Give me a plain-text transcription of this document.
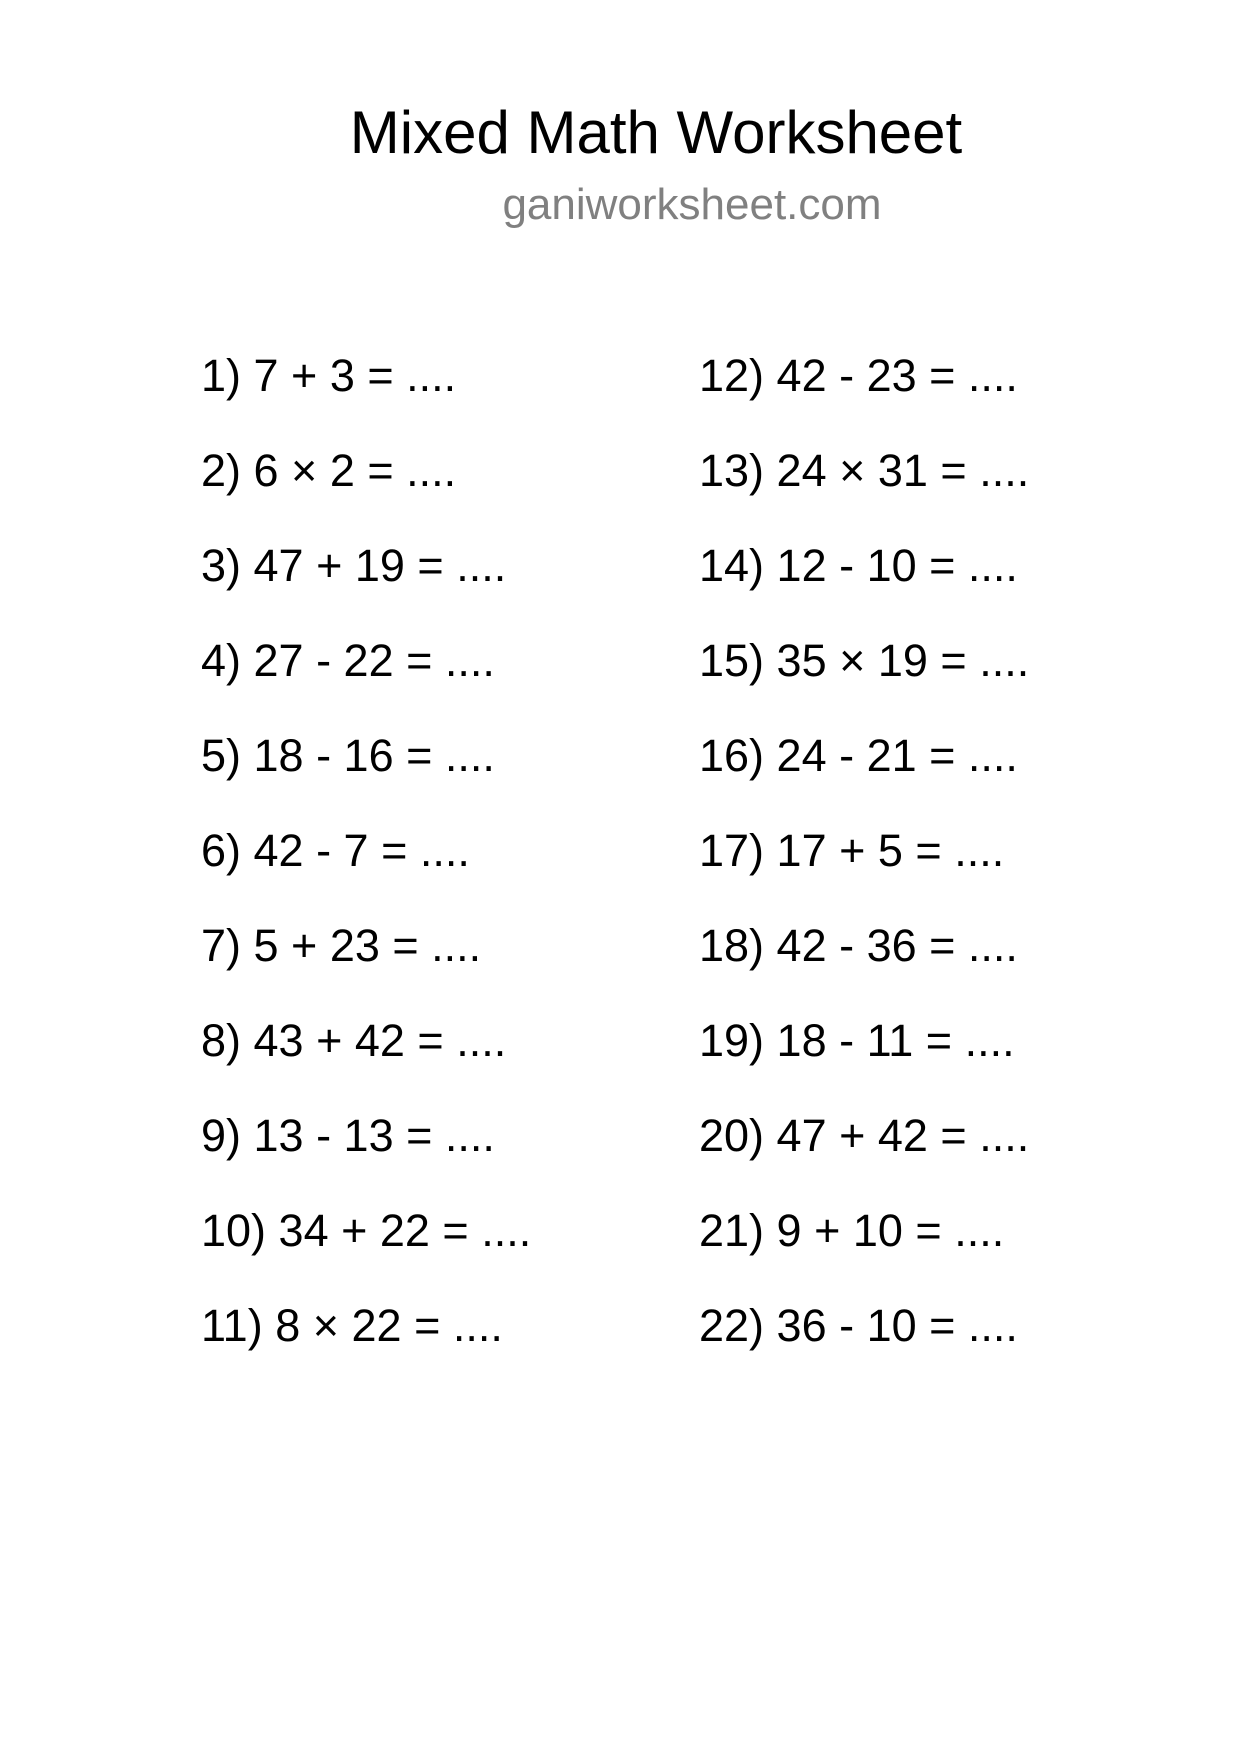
Mixed Math Worksheet
ganiworksheet.com
1) 7 + 3 = ....
2) 6 × 2 = ....
3) 47 + 19 = ....
4) 27 - 22 = ....
5) 18 - 16 = ....
6) 42 - 7 = ....
7) 5 + 23 = ....
8) 43 + 42 = ....
9) 13 - 13 = ....
10) 34 + 22 = ....
11) 8 × 22 = ....
12) 42 - 23 = ....
13) 24 × 31 = ....
14) 12 - 10 = ....
15) 35 × 19 = ....
16) 24 - 21 = ....
17) 17 + 5 = ....
18) 42 - 36 = ....
19) 18 - 11 = ....
20) 47 + 42 = ....
21) 9 + 10 = ....
22) 36 - 10 = ....
